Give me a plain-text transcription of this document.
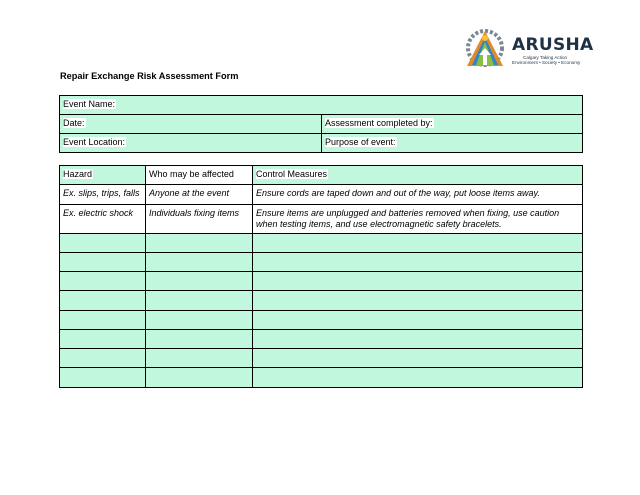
ARUSHA
Calgary Taking Action
Environment • Society • Economy
Repair Exchange Risk Assessment Form
Event Name:
Date:	Assessment completed by:
Event Location:	Purpose of event:
Hazard	Who may be affected	Control Measures
Ex. slips, trips, falls	Anyone at the event	Ensure cords are taped down and out of the way, put loose items away.
Ex. electric shock	Individuals fixing items	Ensure items are unplugged and batteries removed when fixing, use caution when testing items, and use electromagnetic safety bracelets.
